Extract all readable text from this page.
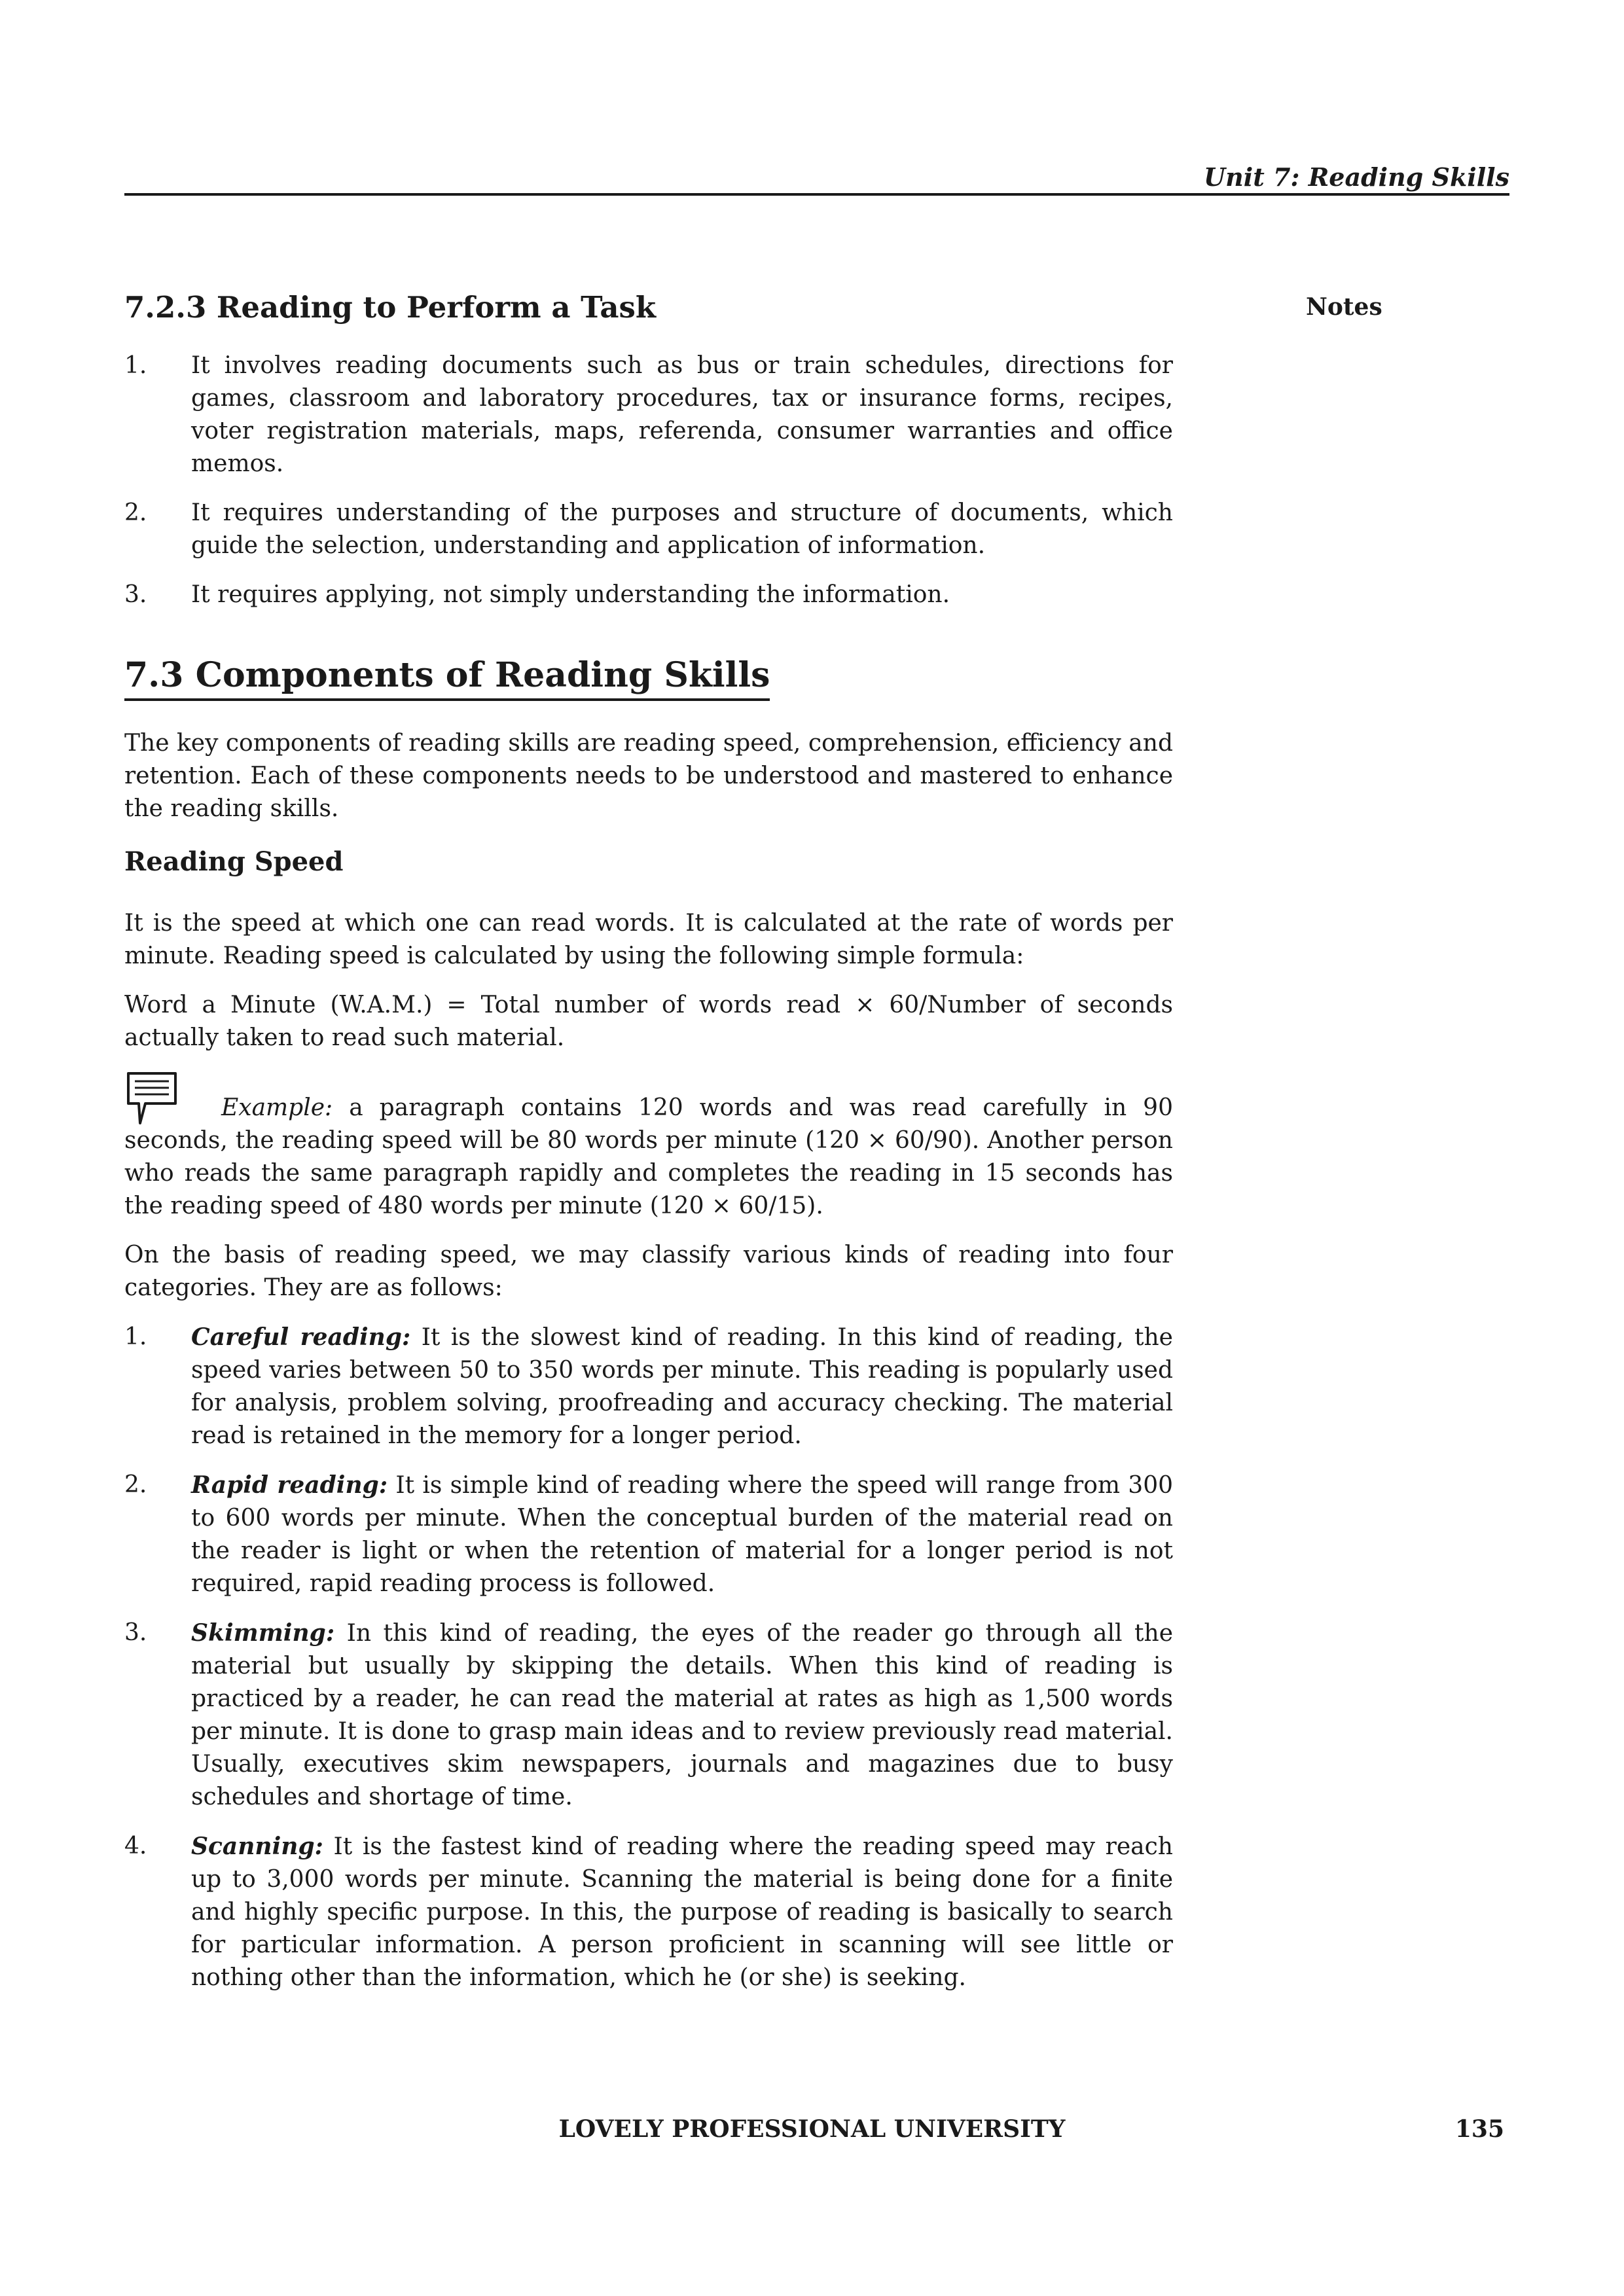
Unit 7: Reading Skills
Notes
7.2.3 Reading to Perform a Task
1. It involves reading documents such as bus or train schedules, directions for games, classroom and laboratory procedures, tax or insurance forms, recipes, voter registration materials, maps, referenda, consumer warranties and office memos.
2. It requires understanding of the purposes and structure of documents, which guide the selection, understanding and application of information.
3. It requires applying, not simply understanding the information.
7.3 Components of Reading Skills

The key components of reading skills are reading speed, comprehension, efficiency and retention. Each of these components needs to be understood and mastered to enhance the reading skills.

Reading Speed

It is the speed at which one can read words. It is calculated at the rate of words per minute. Reading speed is calculated by using the following simple formula:

Word a Minute (W.A.M.) = Total number of words read × 60/Number of seconds actually taken to read such material.

Example: a paragraph contains 120 words and was read carefully in 90 seconds, the reading speed will be 80 words per minute (120 × 60/90). Another person who reads the same paragraph rapidly and completes the reading in 15 seconds has the reading speed of 480 words per minute (120 × 60/15).

On the basis of reading speed, we may classify various kinds of reading into four categories. They are as follows:

1. Careful reading: It is the slowest kind of reading. In this kind of reading, the speed varies between 50 to 350 words per minute. This reading is popularly used for analysis, problem solving, proofreading and accuracy checking. The material read is retained in the memory for a longer period.
2. Rapid reading: It is simple kind of reading where the speed will range from 300 to 600 words per minute. When the conceptual burden of the material read on the reader is light or when the retention of material for a longer period is not required, rapid reading process is followed.
3. Skimming: In this kind of reading, the eyes of the reader go through all the material but usually by skipping the details. When this kind of reading is practiced by a reader, he can read the material at rates as high as 1,500 words per minute. It is done to grasp main ideas and to review previously read material. Usually, executives skim newspapers, journals and magazines due to busy schedules and shortage of time.
4. Scanning: It is the fastest kind of reading where the reading speed may reach up to 3,000 words per minute. Scanning the material is being done for a finite and highly specific purpose. In this, the purpose of reading is basically to search for particular information. A person proficient in scanning will see little or nothing other than the information, which he (or she) is seeking.
LOVELY PROFESSIONAL UNIVERSITY	135
